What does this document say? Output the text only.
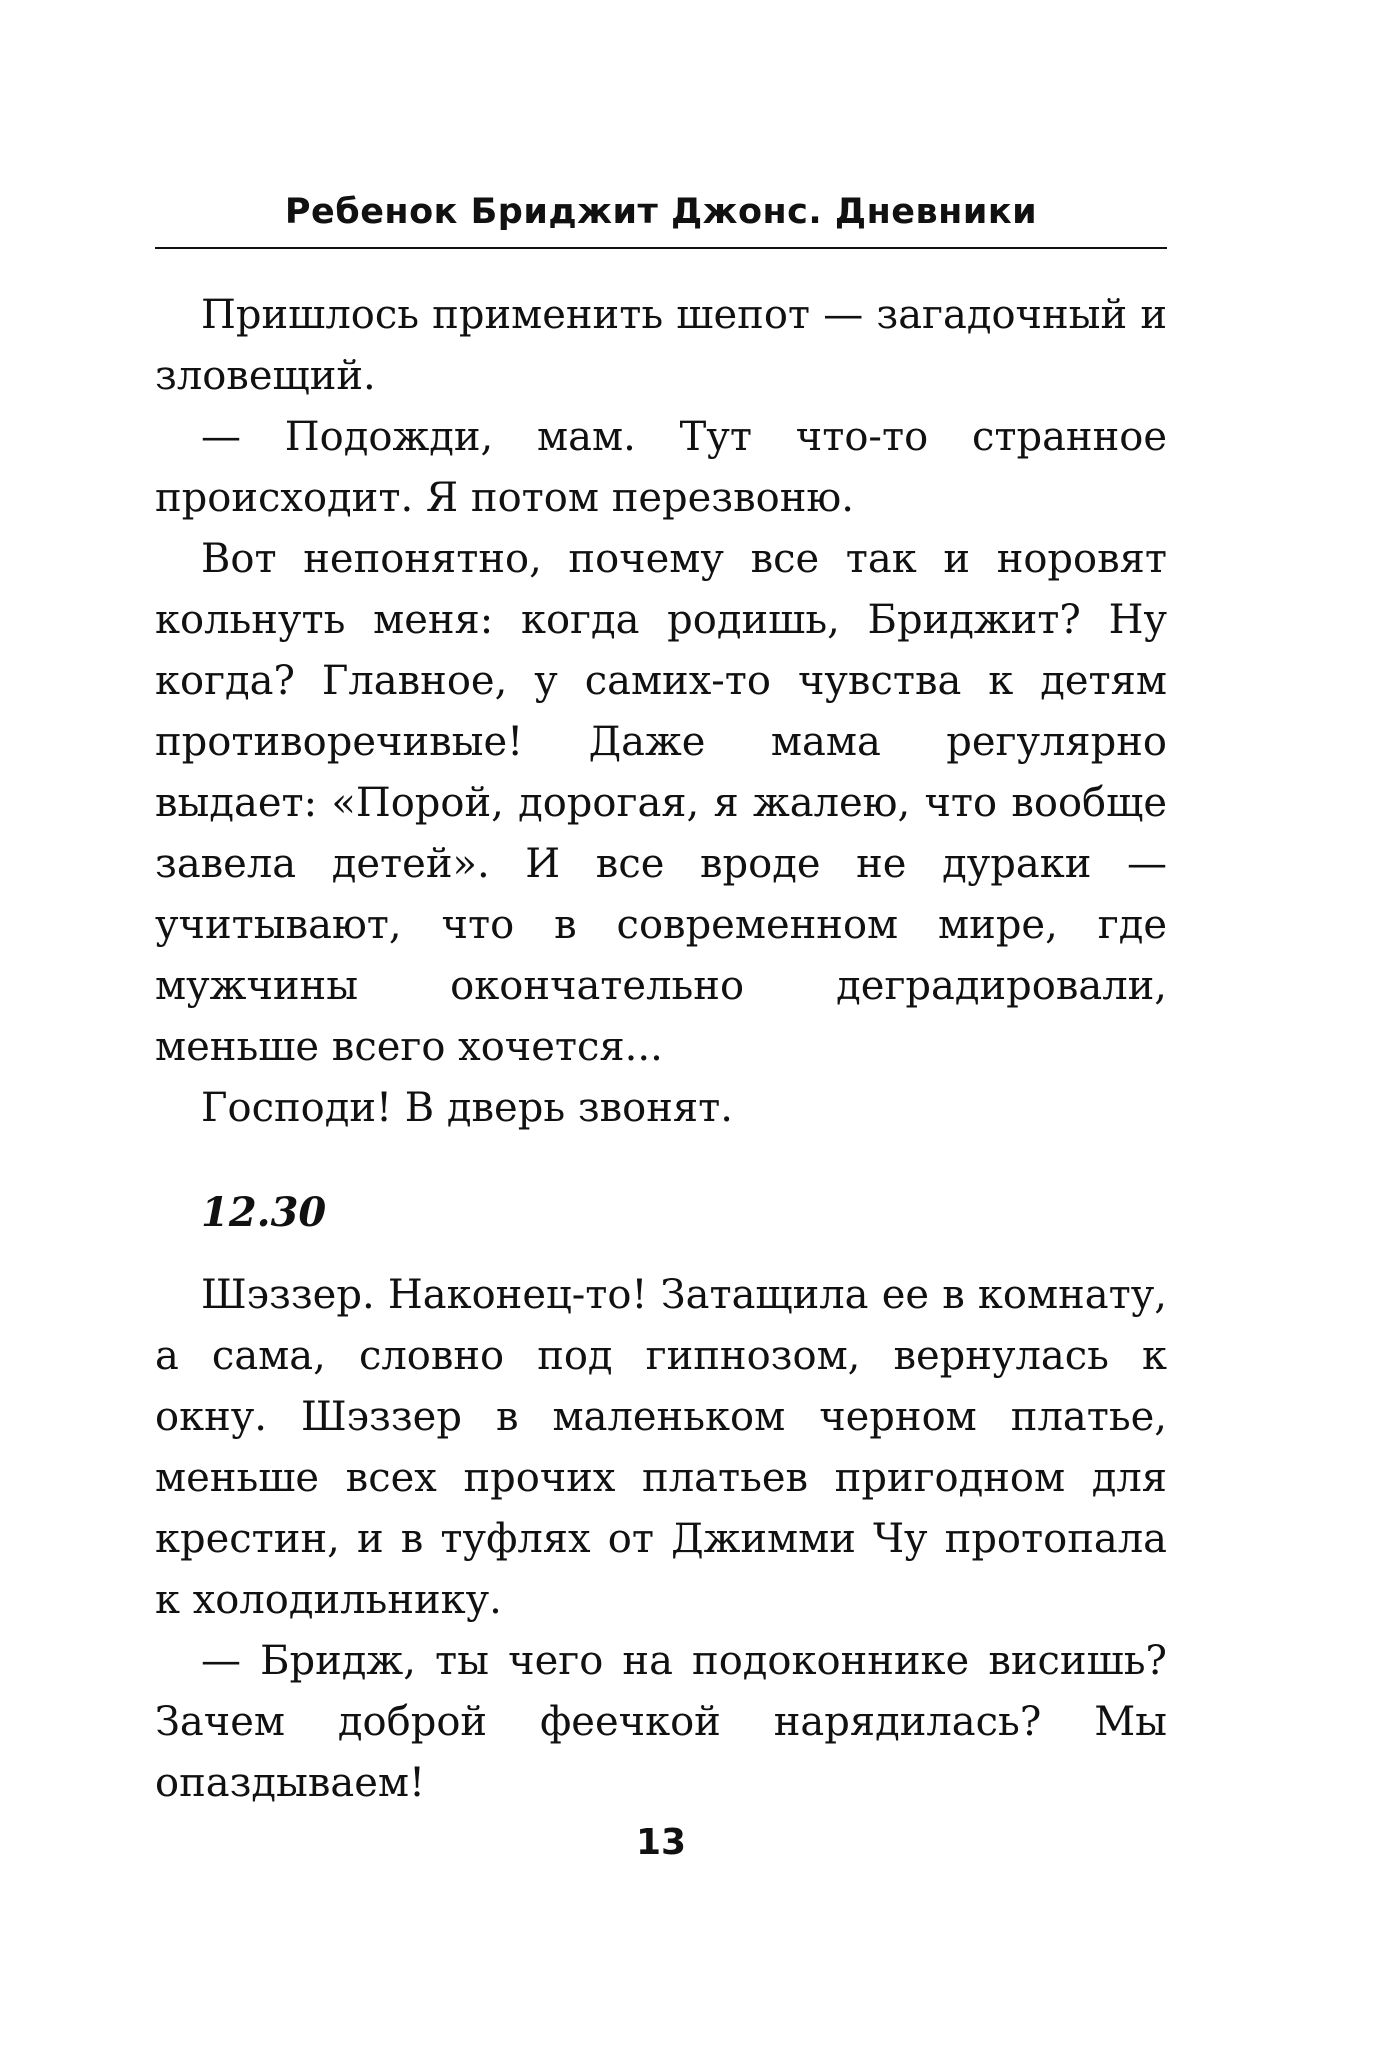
Ребенок Бриджит Джонс. Дневники

Пришлось применить шепот — загадочный и зловещий.

— Подожди, мам. Тут что-то странное происходит. Я потом перезвоню.

Вот непонятно, почему все так и норовят кольнуть меня: когда родишь, Бриджит? Ну когда? Главное, у самих-то чувства к детям противоречивые! Даже мама регулярно выдает: «Порой, дорогая, я жалею, что вообще завела детей». И все вроде не дураки — учитывают, что в современном мире, где мужчины окончательно деградировали, меньше всего хочется...

Господи! В дверь звонят.

12.30

Шэззер. Наконец-то! Затащила ее в комнату, а сама, словно под гипнозом, вернулась к окну. Шэззер в маленьком черном платье, меньше всех прочих платьев пригодном для крестин, и в туфлях от Джимми Чу протопала к холодильнику.

— Бридж, ты чего на подоконнике висишь? Зачем доброй феечкой нарядилась? Мы опаздываем!

13
